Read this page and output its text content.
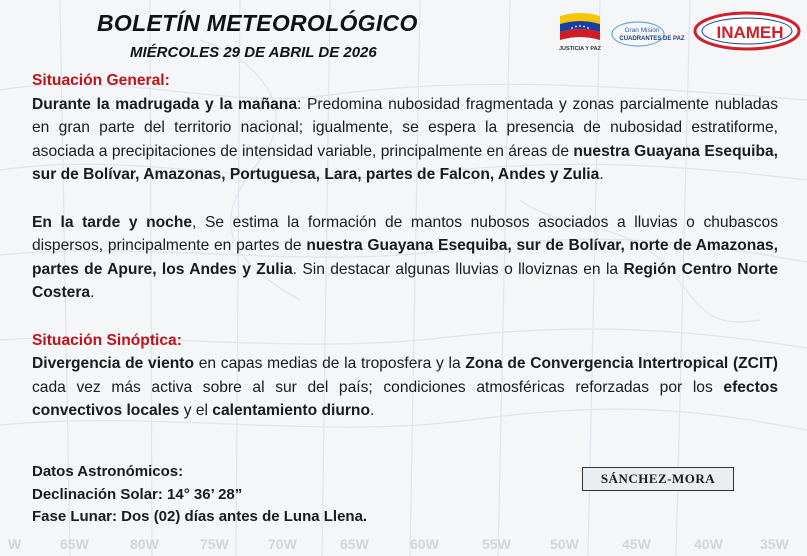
BOLETÍN METEOROLÓGICO
MIÉRCOLES 29 DE ABRIL DE 2026	JUSTICIA Y PAZ
Gran Misión
CUADRANTES DE PAZ INAMEH
Situación General:

Durante la madrugada y la mañana: Predomina nubosidad fragmentada y zonas parcialmente nubladas en gran parte del territorio nacional; igualmente, se espera la presencia de nubosidad estratiforme, asociada a precipitaciones de intensidad variable, principalmente en áreas de nuestra Guayana Esequiba, sur de Bolívar, Amazonas, Portuguesa, Lara, partes de Falcon, Andes y Zulia.

En la tarde y noche, Se estima la formación de mantos nubosos asociados a lluvias o chubascos dispersos, principalmente en partes de nuestra Guayana Esequiba, sur de Bolívar, norte de Amazonas, partes de Apure, los Andes y Zulia. Sin destacar algunas lluvias o lloviznas en la Región Centro Norte Costera.

Situación Sinóptica:

Divergencia de viento en capas medias de la troposfera y la Zona de Convergencia Intertropical (ZCIT) cada vez más activa sobre al sur del país; condiciones atmosféricas reforzadas por los efectos convectivos locales y el calentamiento diurno.

Datos Astronómicos:
Declinación Solar: 14° 36’ 28”
Fase Lunar: Dos (02) días antes de Luna Llena.
SÁNCHEZ-MORA
W	65W	80W	75W	70W	65W	60W	55W	50W	45W	40W	35W
